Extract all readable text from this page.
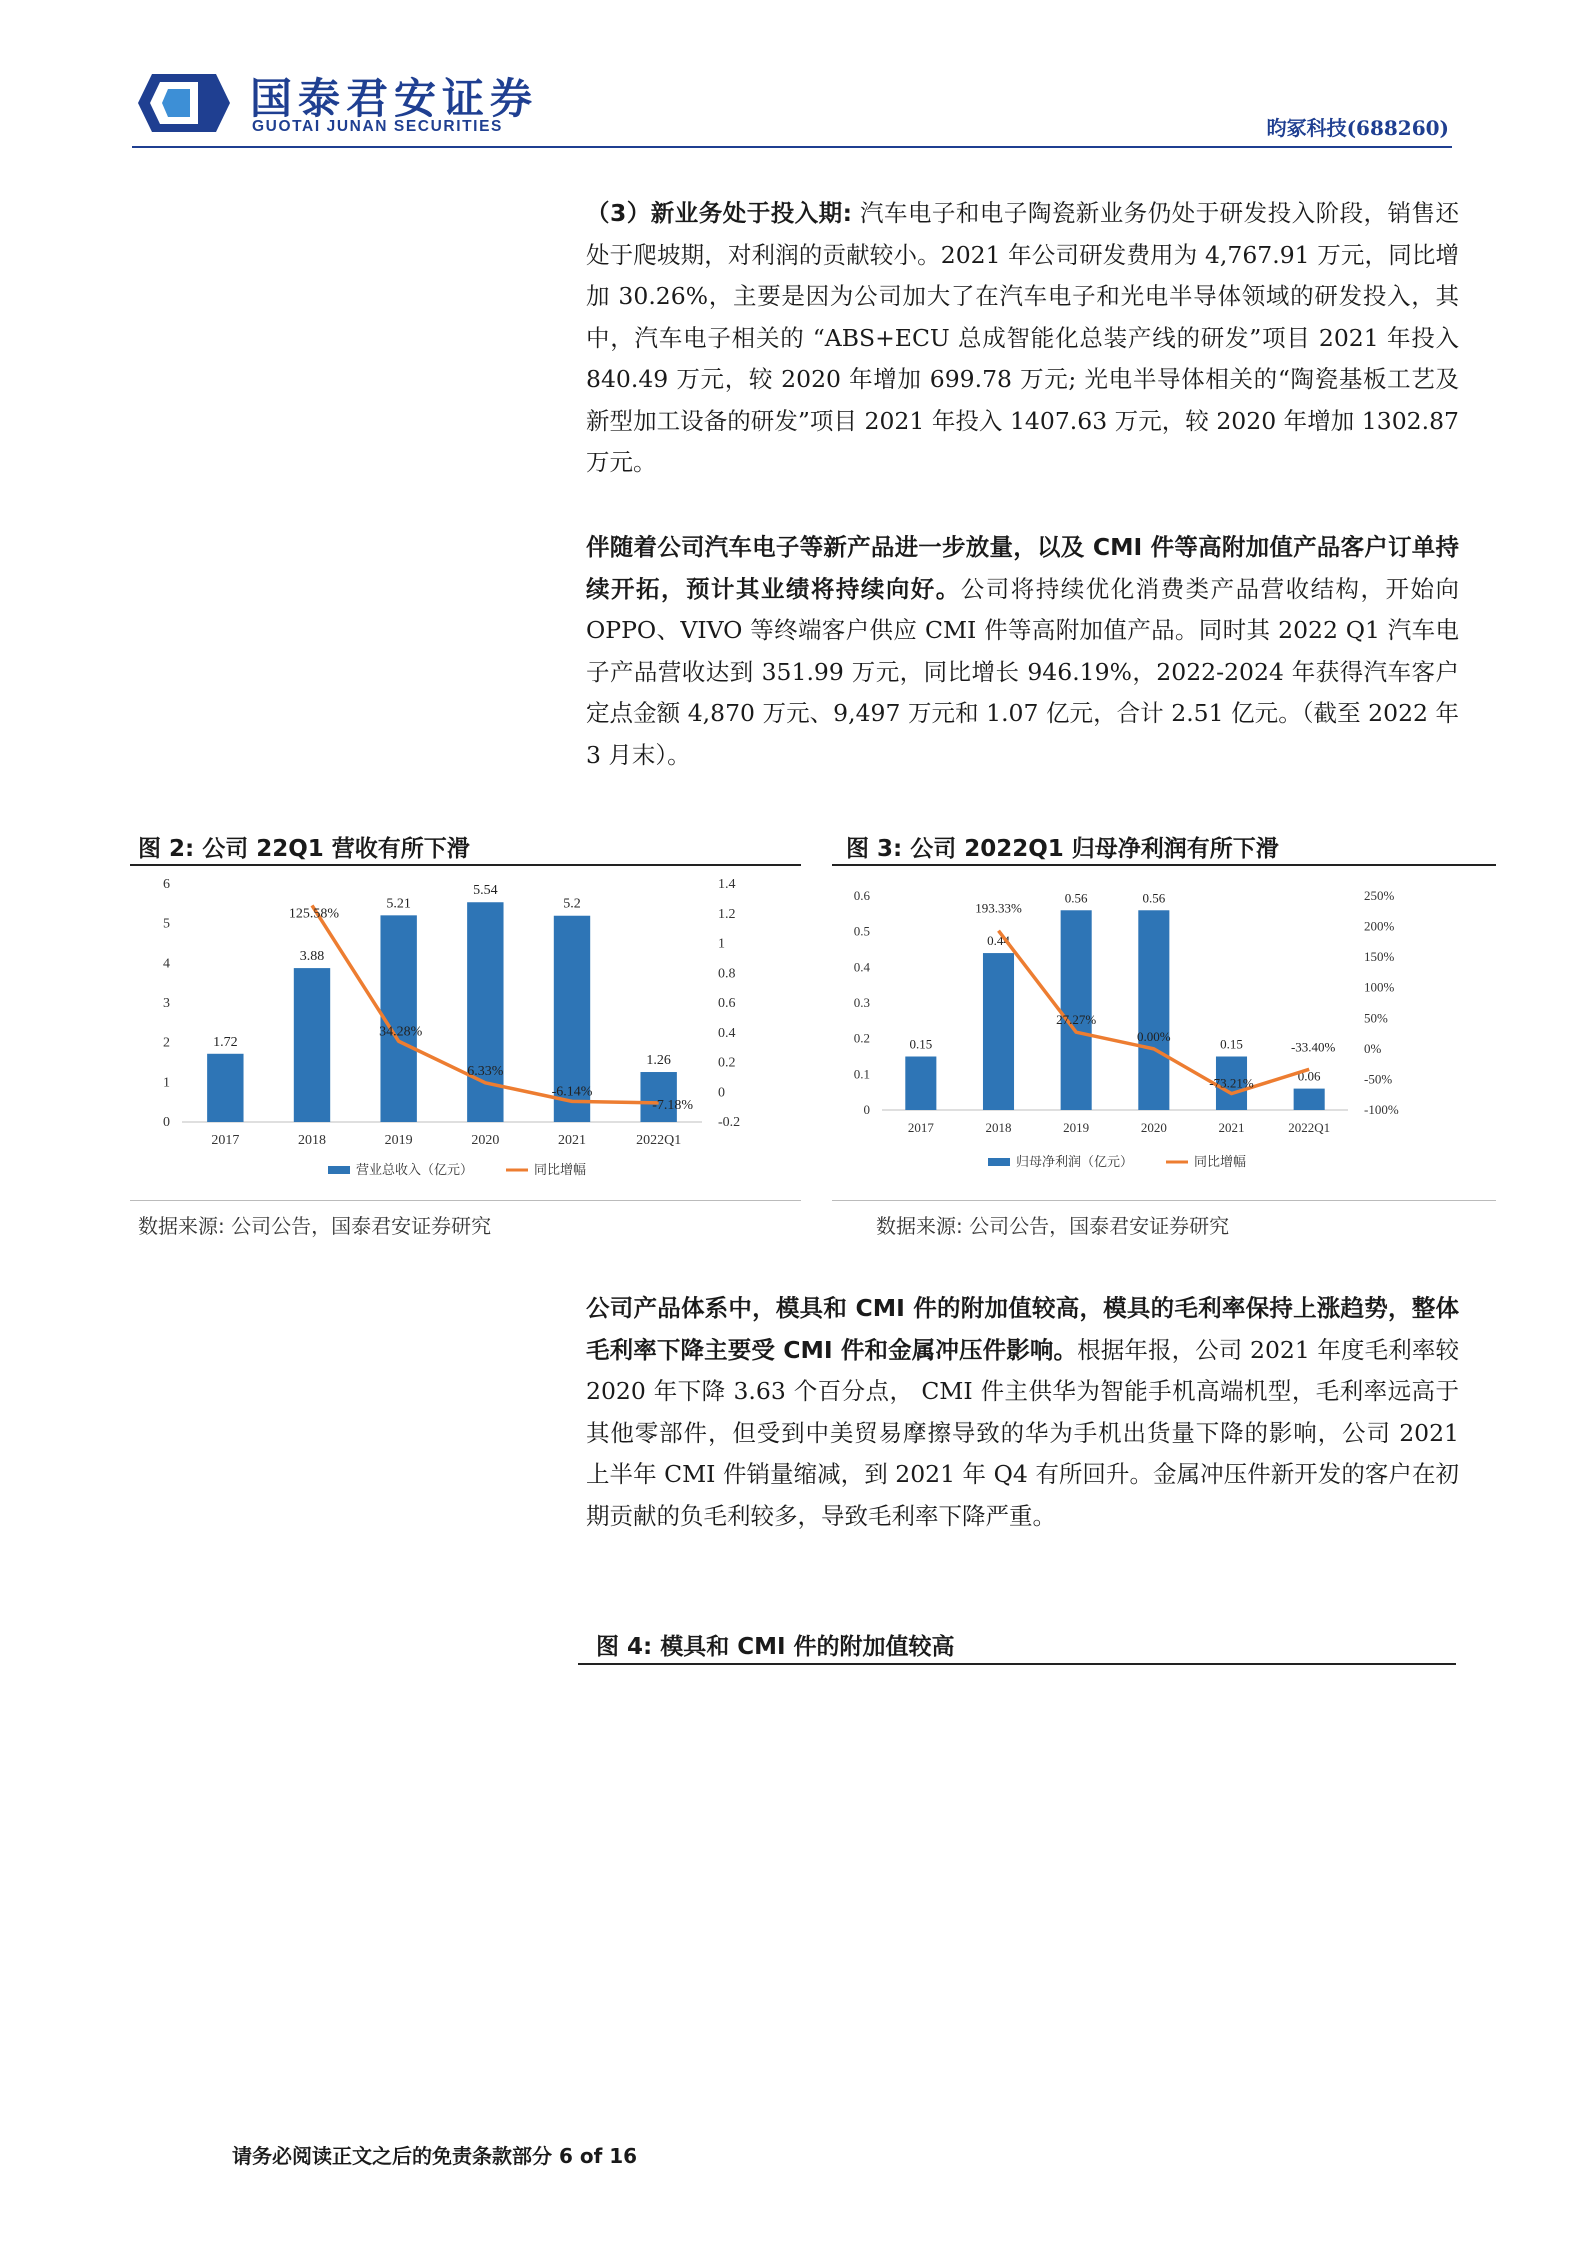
国泰君安证券
GUOTAI JUNAN SECURITIES	昀冢科技(688260)
（3）新业务处于投入期: 汽车电子和电子陶瓷新业务仍处于研发投入阶段，销售还处于爬坡期，对利润的贡献较小。2021 年公司研发费用为 4,767.91 万元，同比增加 30.26%，主要是因为公司加大了在汽车电子和光电半导体领域的研发投入，其中，汽车电子相关的 “ABS+ECU 总成智能化总装产线的研发”项目 2021 年投入 840.49 万元，较 2020 年增加 699.78 万元; 光电半导体相关的“陶瓷基板工艺及新型加工设备的研发”项目 2021 年投入 1407.63 万元，较 2020 年增加 1302.87 万元。
伴随着公司汽车电子等新产品进一步放量，以及 CMI 件等高附加值产品客户订单持续开拓，预计其业绩将持续向好。公司将持续优化消费类产品营收结构，开始向 OPPO、VIVO 等终端客户供应 CMI 件等高附加值产品。同时其 2022 Q1 汽车电子产品营收达到 351.99 万元，同比增长 946.19%，2022-2024 年获得汽车客户定点金额 4,870 万元、9,497 万元和 1.07 亿元，合计 2.51 亿元。（截至 2022 年 3 月末）。
图 2: 公司 22Q1 营收有所下滑
0
1
2
3
4
5
6
-0.2
0
0.2
0.4
0.6
0.8
1
1.2
1.4
1.72
3.88
5.21
5.54
5.2
1.26
2017	2018	2019	2020	2021	2022Q1
125.58%
34.28%
6.33%
-6.14%
-7.18%
营业总收入（亿元）	同比增幅
数据来源: 公司公告，国泰君安证券研究
图 3: 公司 2022Q1 归母净利润有所下滑
0
0.1
0.2
0.3
0.4
0.5
0.6
-100%
-50%
0%
50%
100%
150%
200%
250%
0.15
0.44
0.56	0.56
0.15
0.06
2017	2018	2019	2020	2021	2022Q1
193.33%
27.27%
0.00%
-73.21%
-33.40%
归母净利润（亿元）	同比增幅
数据来源: 公司公告，国泰君安证券研究
公司产品体系中，模具和 CMI 件的附加值较高，模具的毛利率保持上涨趋势，整体毛利率下降主要受 CMI 件和金属冲压件影响。根据年报，公司 2021 年度毛利率较 2020 年下降 3.63 个百分点， CMI 件主供华为智能手机高端机型，毛利率远高于其他零部件，但受到中美贸易摩擦导致的华为手机出货量下降的影响，公司 2021 上半年 CMI 件销量缩减，到 2021 年 Q4 有所回升。金属冲压件新开发的客户在初期贡献的负毛利较多，导致毛利率下降严重。
图 4: 模具和 CMI 件的附加值较高
请务必阅读正文之后的免责条款部分 6 of 16
